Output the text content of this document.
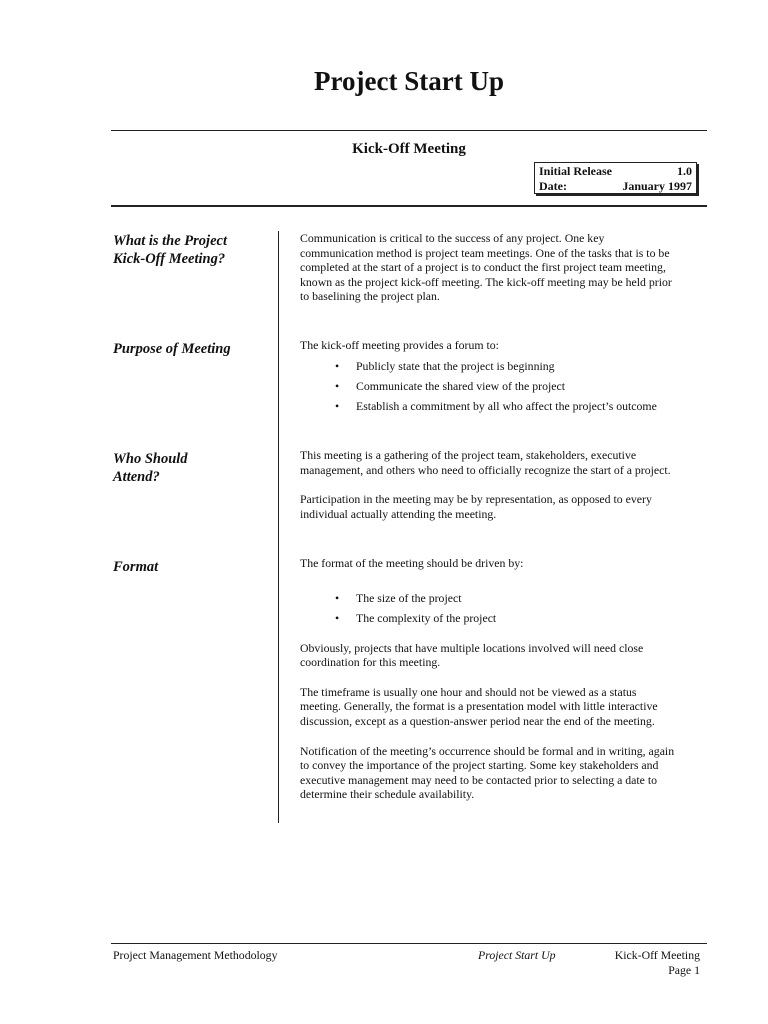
Project Start Up
Kick-Off Meeting
Initial Release	1.0
Date:	January 1997
What is the Project
Kick-Off Meeting?
Communication is critical to the success of any project. One key
communication method is project team meetings. One of the tasks that is to be
completed at the start of a project is to conduct the first project team meeting,
known as the project kick-off meeting. The kick-off meeting may be held prior
to baselining the project plan.
Purpose of Meeting	The kick-off meeting provides a forum to:
• Publicly state that the project is beginning
• Communicate the shared view of the project
• Establish a commitment by all who affect the project’s outcome
Who Should
Attend?

This meeting is a gathering of the project team, stakeholders, executive
management, and others who need to officially recognize the start of a project.

Participation in the meeting may be by representation, as opposed to every
individual actually attending the meeting.

Format	The format of the meeting should be driven by:
• The size of the project
• The complexity of the project

Obviously, projects that have multiple locations involved will need close
coordination for this meeting.

The timeframe is usually one hour and should not be viewed as a status
meeting. Generally, the format is a presentation model with little interactive
discussion, except as a question-answer period near the end of the meeting.

Notification of the meeting’s occurrence should be formal and in writing, again
to convey the importance of the project starting. Some key stakeholders and
executive management may need to be contacted prior to selecting a date to
determine their schedule availability.

Project Management Methodology	Project Start Up	Kick-Off Meeting
Page 1
